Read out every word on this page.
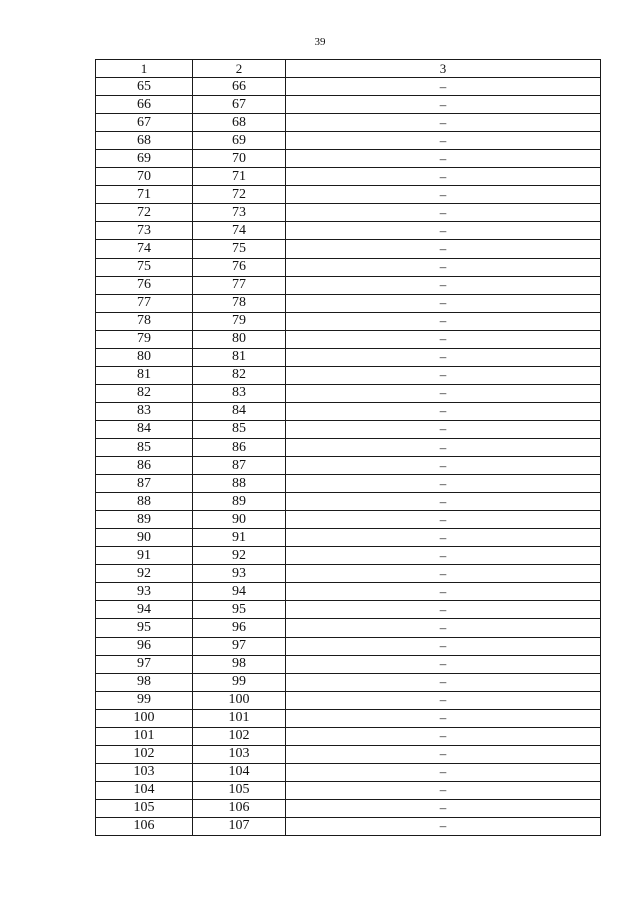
39
1	2	3
65	66	–
66	67	–
67	68	–
68	69	–
69	70	–
70	71	–
71	72	–
72	73	–
73	74	–
74	75	–
75	76	–
76	77	–
77	78	–
78	79	–
79	80	–
80	81	–
81	82	–
82	83	–
83	84	–
84	85	–
85	86	–
86	87	–
87	88	–
88	89	–
89	90	–
90	91	–
91	92	–
92	93	–
93	94	–
94	95	–
95	96	–
96	97	–
97	98	–
98	99	–
99	100	–
100	101	–
101	102	–
102	103	–
103	104	–
104	105	–
105	106	–
106	107	–
